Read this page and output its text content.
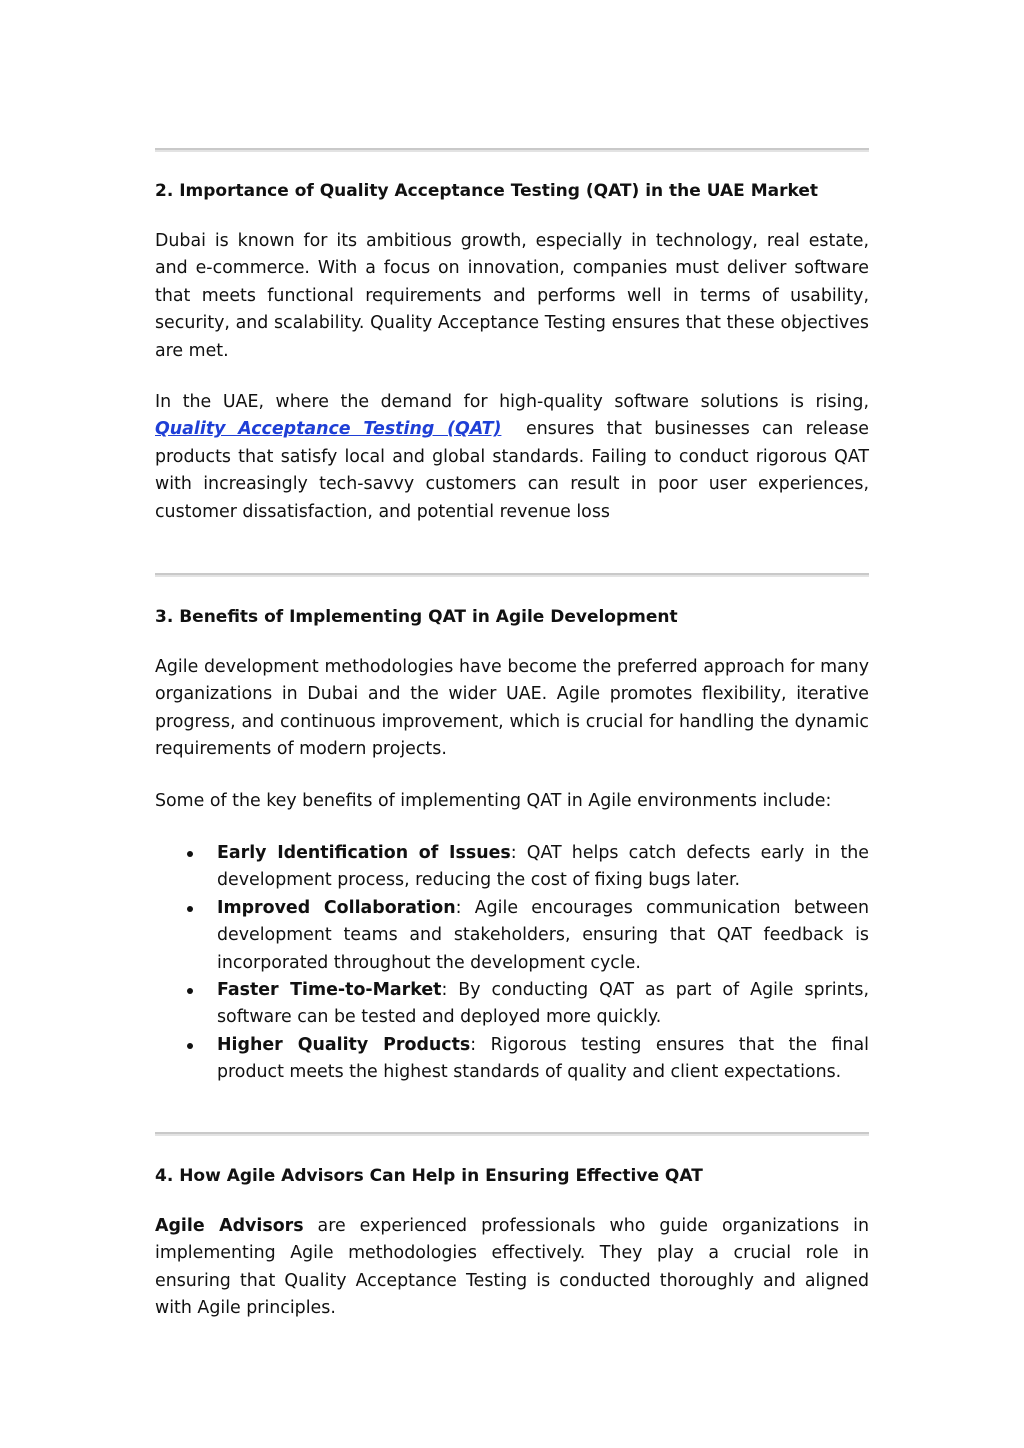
2. Importance of Quality Acceptance Testing (QAT) in the UAE Market

Dubai is known for its ambitious growth, especially in technology, real estate, and e-commerce. With a focus on innovation, companies must deliver software that meets functional requirements and performs well in terms of usability, security, and scalability. Quality Acceptance Testing ensures that these objectives are met.

In the UAE, where the demand for high-quality software solutions is rising, Quality Acceptance Testing (QAT) ensures that businesses can release products that satisfy local and global standards. Failing to conduct rigorous QAT with increasingly tech-savvy customers can result in poor user experiences, customer dissatisfaction, and potential revenue loss

3. Benefits of Implementing QAT in Agile Development

Agile development methodologies have become the preferred approach for many organizations in Dubai and the wider UAE. Agile promotes flexibility, iterative progress, and continuous improvement, which is crucial for handling the dynamic requirements of modern projects.

Some of the key benefits of implementing QAT in Agile environments include:

Early Identification of Issues: QAT helps catch defects early in the development process, reducing the cost of fixing bugs later.
Improved Collaboration: Agile encourages communication between development teams and stakeholders, ensuring that QAT feedback is incorporated throughout the development cycle.
Faster Time-to-Market: By conducting QAT as part of Agile sprints, software can be tested and deployed more quickly.
Higher Quality Products: Rigorous testing ensures that the final product meets the highest standards of quality and client expectations.
4. How Agile Advisors Can Help in Ensuring Effective QAT

Agile Advisors are experienced professionals who guide organizations in implementing Agile methodologies effectively. They play a crucial role in ensuring that Quality Acceptance Testing is conducted thoroughly and aligned with Agile principles.
